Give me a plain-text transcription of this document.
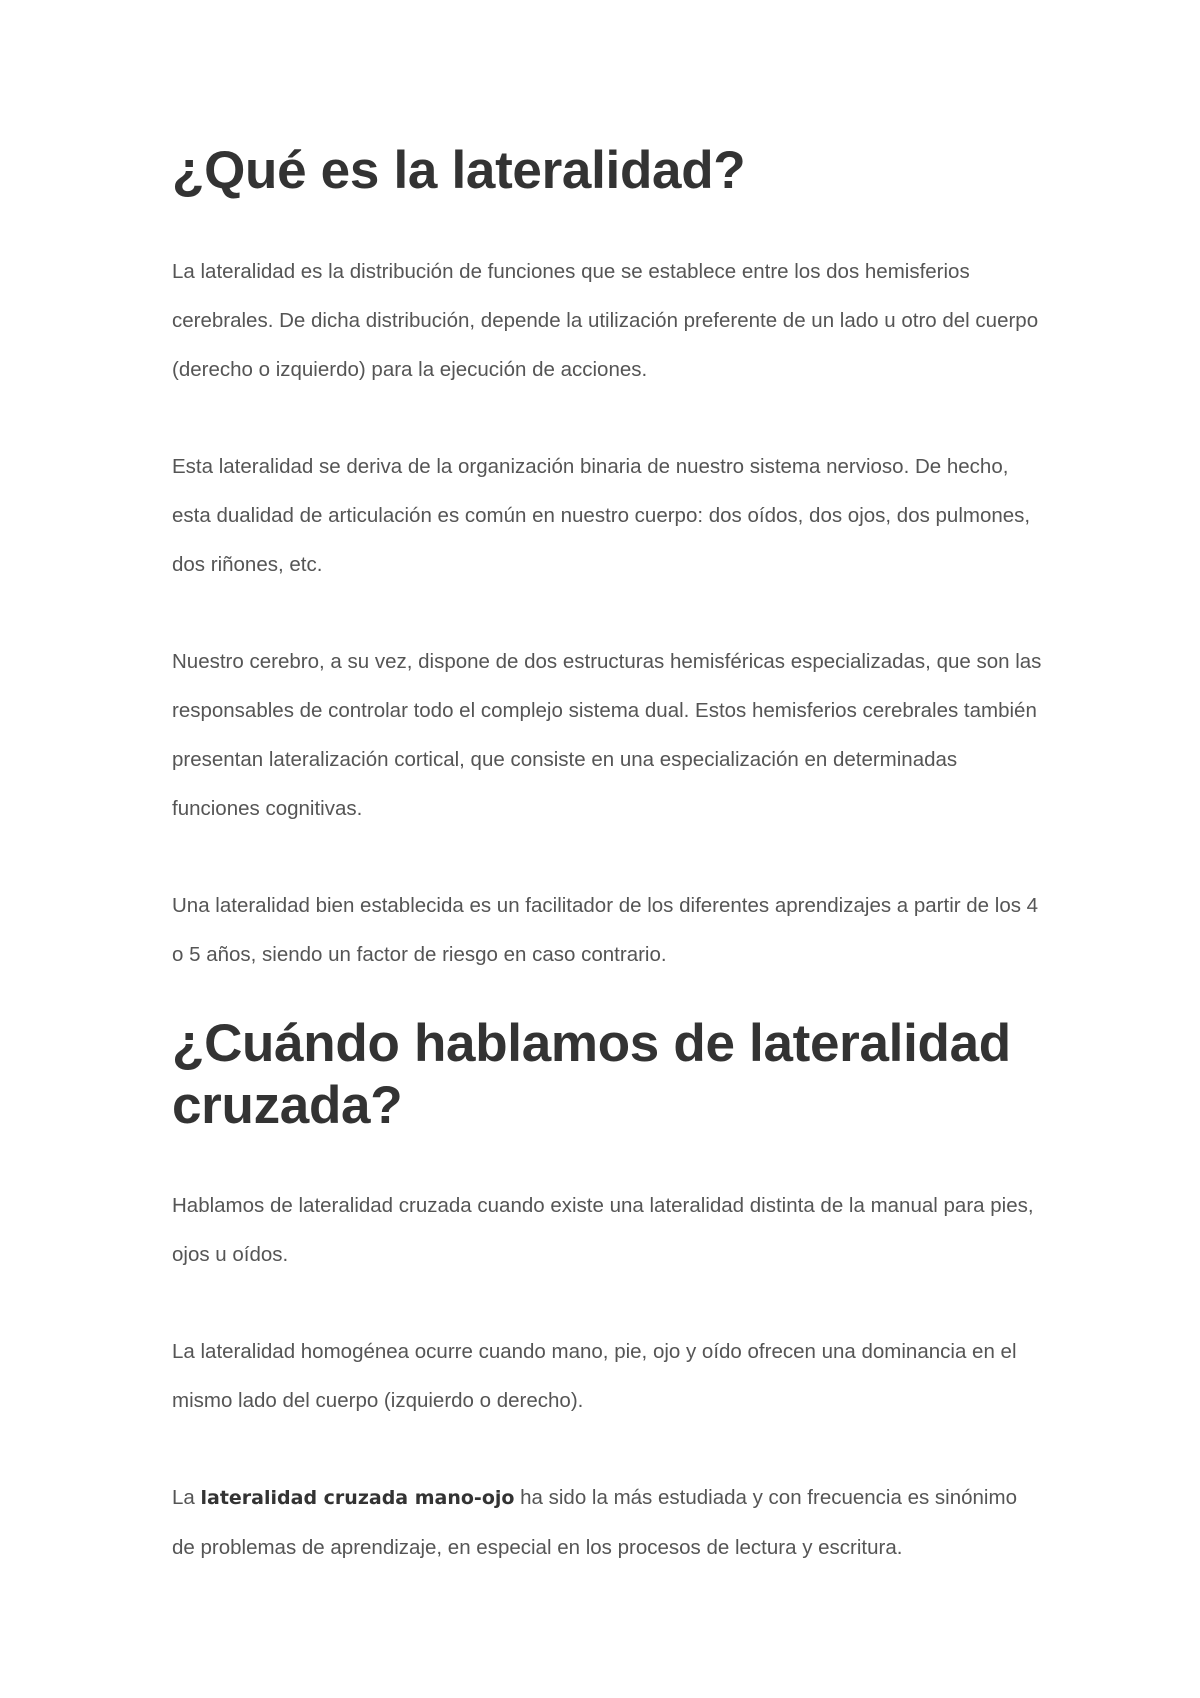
¿Qué es la lateralidad?

La lateralidad es la distribución de funciones que se establece entre los dos hemisferios cerebrales. De dicha distribución, depende la utilización preferente de un lado u otro del cuerpo (derecho o izquierdo) para la ejecución de acciones.

Esta lateralidad se deriva de la organización binaria de nuestro sistema nervioso. De hecho, esta dualidad de articulación es común en nuestro cuerpo: dos oídos, dos ojos, dos pulmones, dos riñones, etc.

Nuestro cerebro, a su vez, dispone de dos estructuras hemisféricas especializadas, que son las responsables de controlar todo el complejo sistema dual. Estos hemisferios cerebrales también presentan lateralización cortical, que consiste en una especialización en determinadas funciones cognitivas.

Una lateralidad bien establecida es un facilitador de los diferentes aprendizajes a partir de los 4 o 5 años, siendo un factor de riesgo en caso contrario.

¿Cuándo hablamos de lateralidad cruzada?

Hablamos de lateralidad cruzada cuando existe una lateralidad distinta de la manual para pies, ojos u oídos.

La lateralidad homogénea ocurre cuando mano, pie, ojo y oído ofrecen una dominancia en el mismo lado del cuerpo (izquierdo o derecho).

La lateralidad cruzada mano-ojo ha sido la más estudiada y con frecuencia es sinónimo de problemas de aprendizaje, en especial en los procesos de lectura y escritura.
